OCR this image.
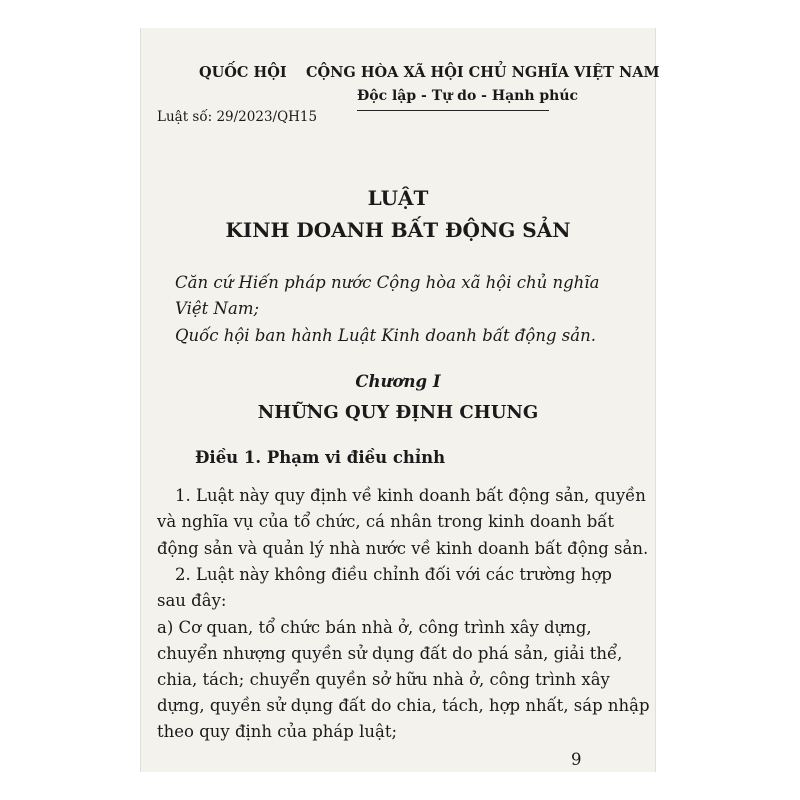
QUỐC HỘI CỘNG HÒA XÃ HỘI CHỦ NGHĨA VIỆT NAM
Độc lập - Tự do - Hạnh phúc
Luật số: 29/2023/QH15
LUẬT
KINH DOANH BẤT ĐỘNG SẢN
Căn cứ Hiến pháp nước Cộng hòa xã hội chủ nghĩa
Việt Nam;
Quốc hội ban hành Luật Kinh doanh bất động sản.
Chương I
NHỮNG QUY ĐỊNH CHUNG
Điều 1. Phạm vi điều chỉnh
1. Luật này quy định về kinh doanh bất động sản, quyền
và nghĩa vụ của tổ chức, cá nhân trong kinh doanh bất
động sản và quản lý nhà nước về kinh doanh bất động sản.
2. Luật này không điều chỉnh đối với các trường hợp
sau đây:
a) Cơ quan, tổ chức bán nhà ở, công trình xây dựng,
chuyển nhượng quyền sử dụng đất do phá sản, giải thể,
chia, tách; chuyển quyền sở hữu nhà ở, công trình xây
dựng, quyền sử dụng đất do chia, tách, hợp nhất, sáp nhập
theo quy định của pháp luật;
9
